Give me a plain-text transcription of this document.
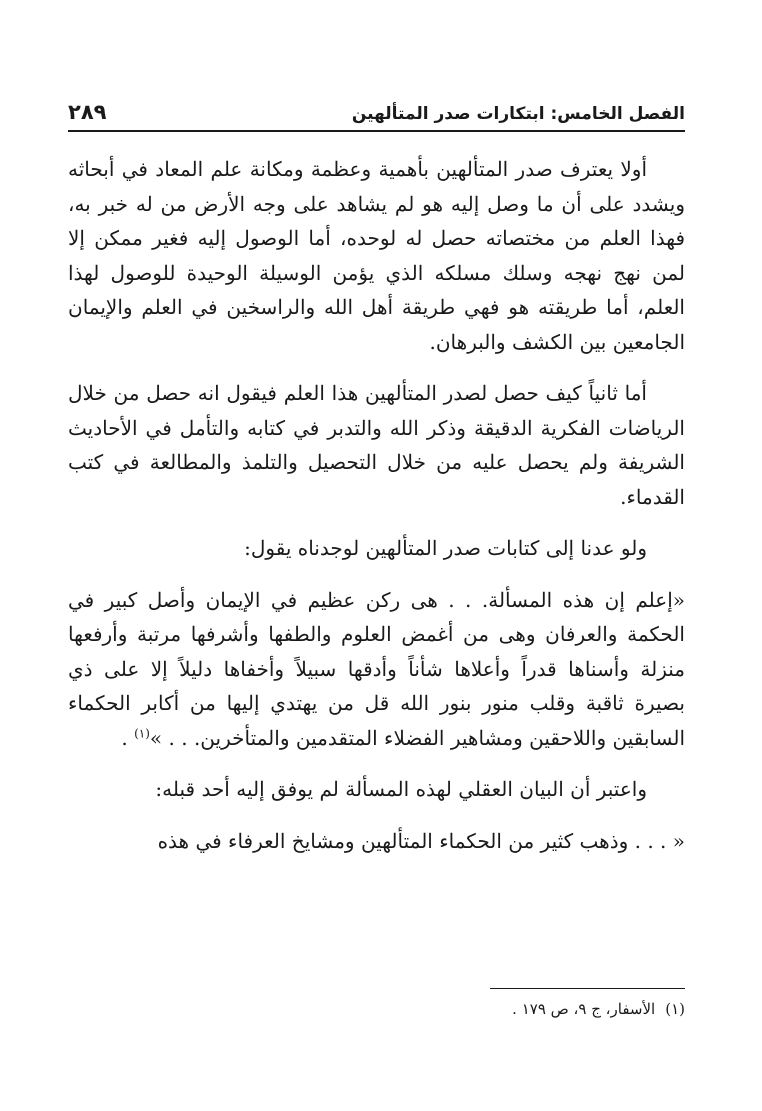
الفصل الخامس: ابتكارات صدر المتألهين
٢٨٩

أولا يعترف صدر المتألهين بأهمية وعظمة ومكانة علم المعاد في أبحاثه ويشدد على أن ما وصل إليه هو لم يشاهد على وجه الأرض من له خبر به، فهذا العلم من مختصاته حصل له لوحده، أما الوصول إليه فغير ممكن إلا لمن نهج نهجه وسلك مسلكه الذي يؤمن الوسيلة الوحيدة للوصول لهذا العلم، أما طريقته هو فهي طريقة أهل الله والراسخين في العلم والإيمان الجامعين بين الكشف والبرهان.

أما ثانياً كيف حصل لصدر المتألهين هذا العلم فيقول انه حصل من خلال الرياضات الفكرية الدقيقة وذكر الله والتدبر في كتابه والتأمل في الأحاديث الشريفة ولم يحصل عليه من خلال التحصيل والتلمذ والمطالعة في كتب القدماء.

ولو عدنا إلى كتابات صدر المتألهين لوجدناه يقول:

«إعلم إن هذه المسألة. . . هى ركن عظيم في الإيمان وأصل كبير في الحكمة والعرفان وهى من أغمض العلوم والطفها وأشرفها مرتبة وأرفعها منزلة وأسناها قدراً وأعلاها شأناً وأدقها سبيلاً وأخفاها دليلاً إلا على ذي بصيرة ثاقبة وقلب منور بنور الله قل من يهتدي إليها من أكابر الحكماء السابقين واللاحقين ومشاهير الفضلاء المتقدمين والمتأخرين. . . »$^{(١)}$ .

واعتبر أن البيان العقلي لهذه المسألة لم يوفق إليه أحد قبله:

« . . . وذهب كثير من الحكماء المتألهين ومشايخ العرفاء في هذه

(١)الأسفار، ج ٩، ص ١٧٩ .
